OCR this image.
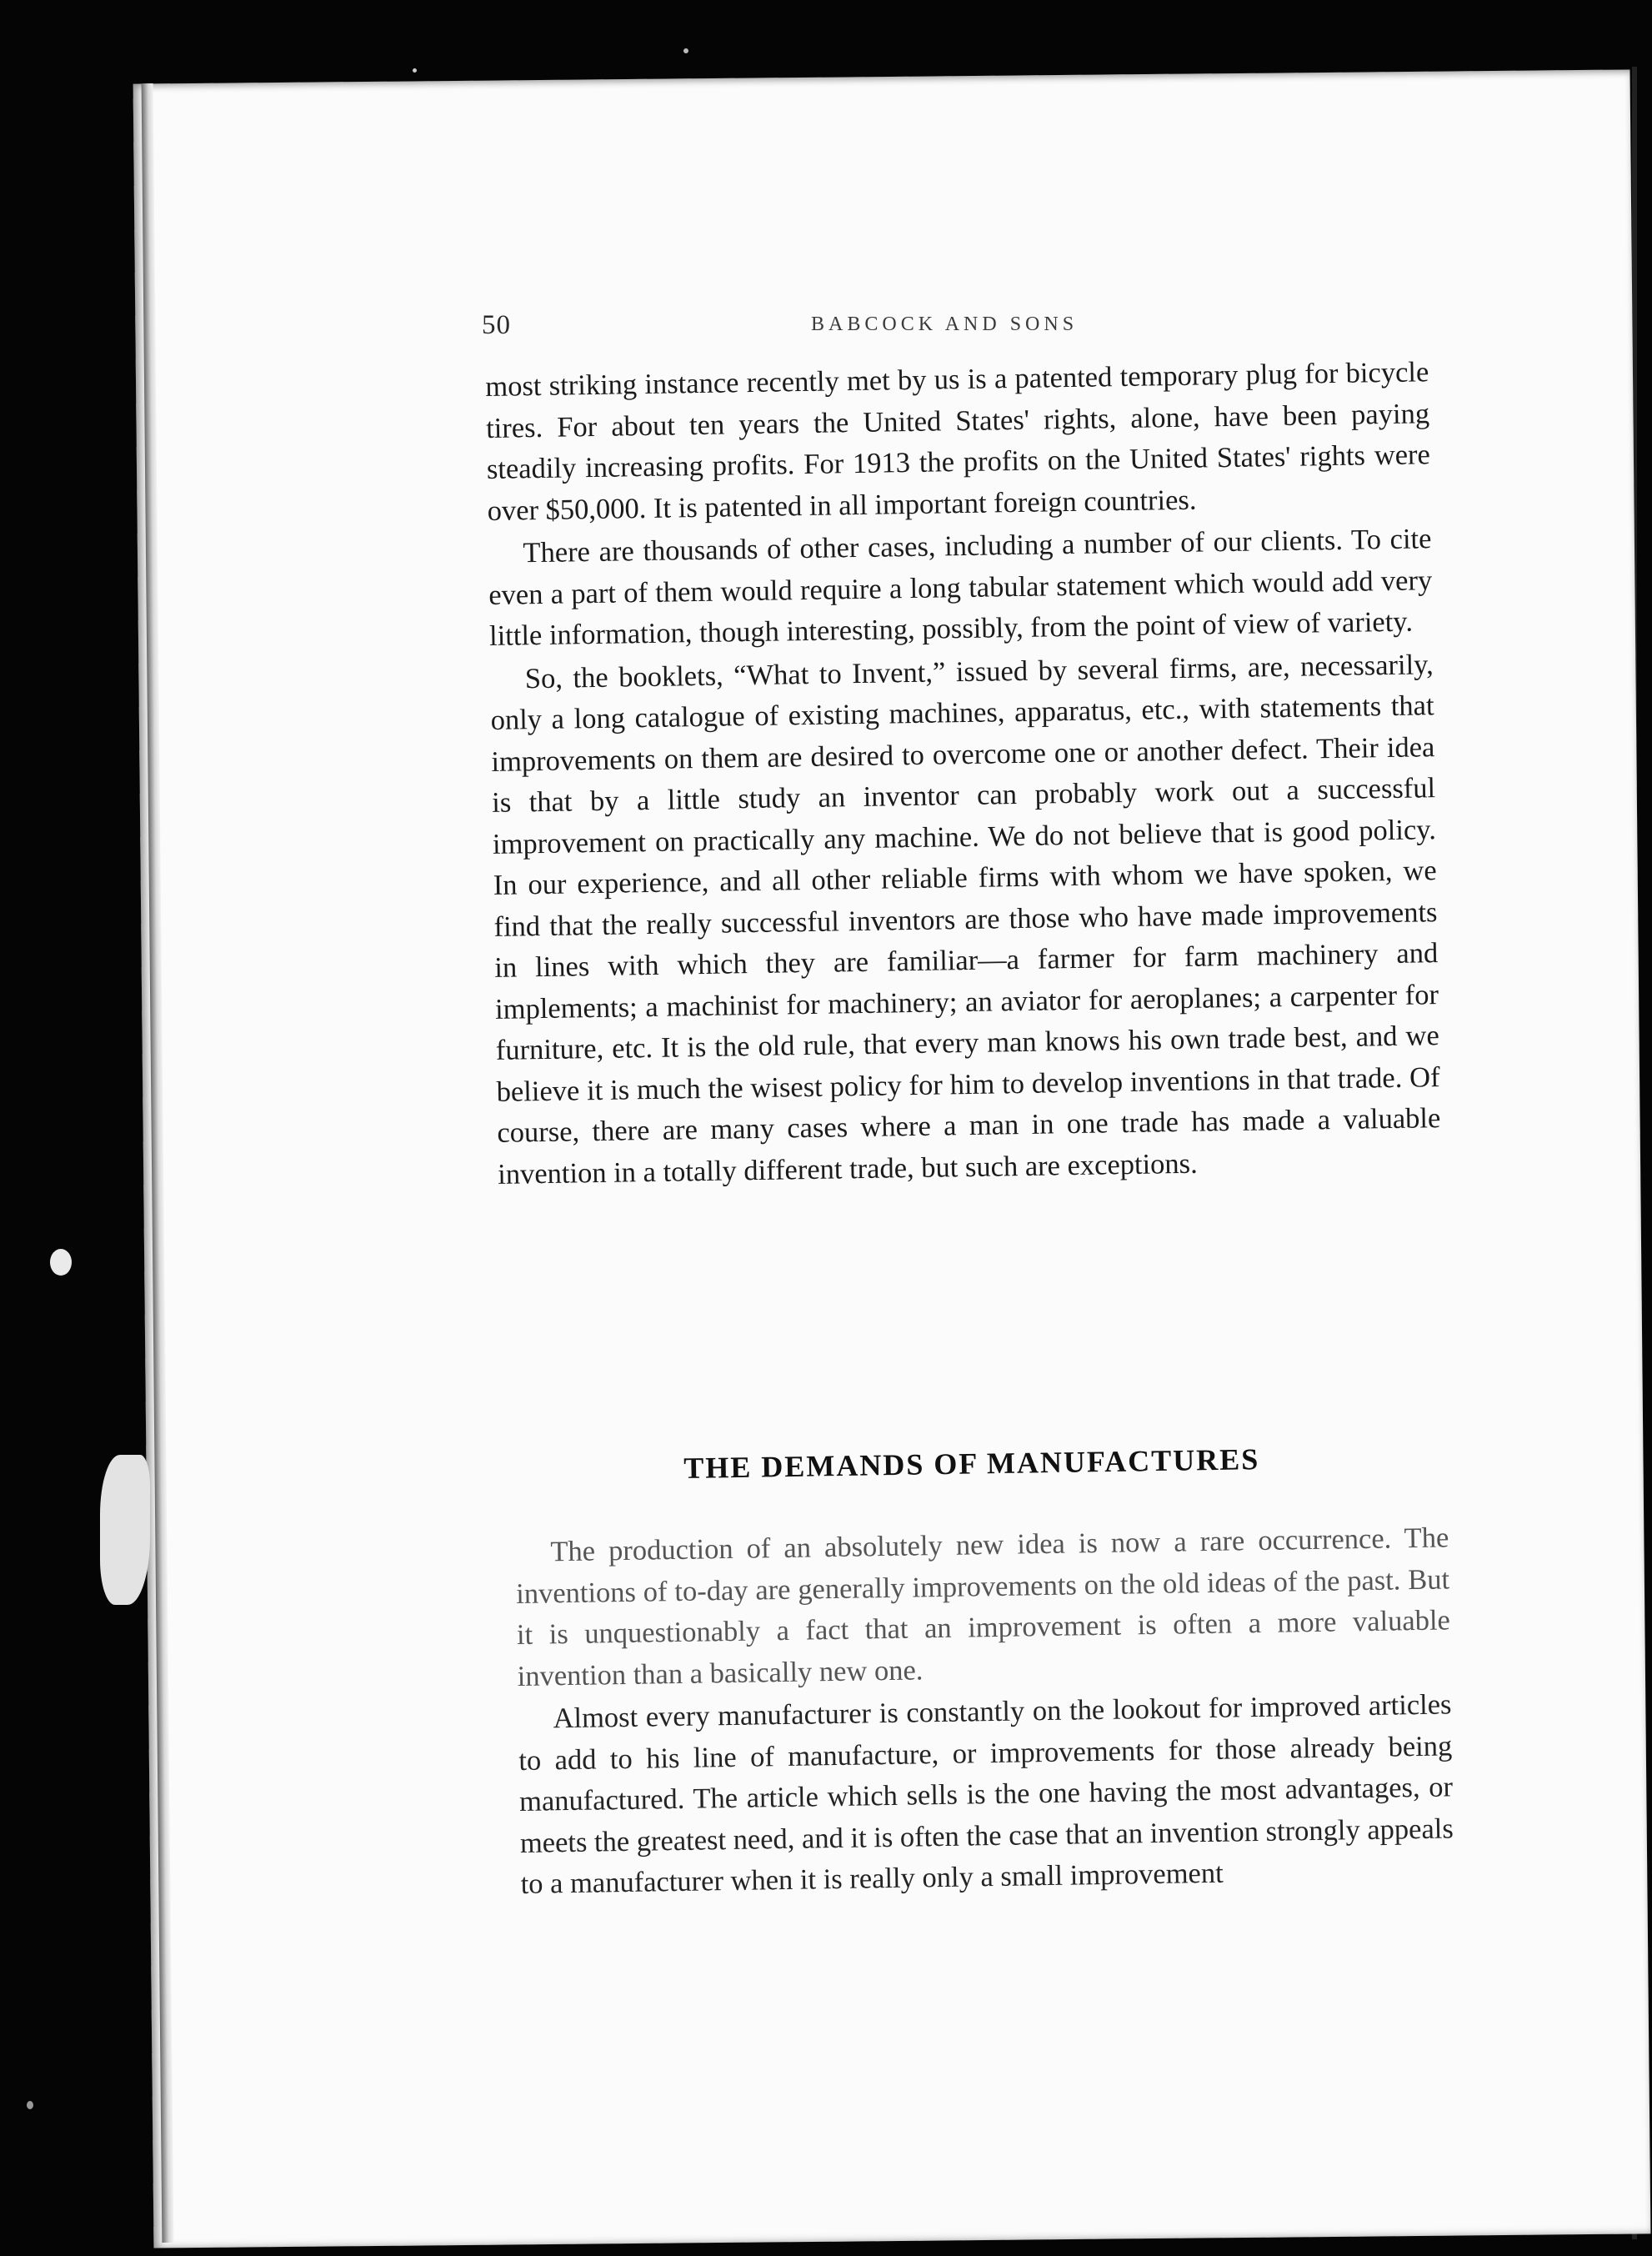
50	BABCOCK AND SONS

most striking instance recently met by us is a patented temporary plug for bicycle tires. For about ten years the United States' rights, alone, have been paying steadily increasing profits. For 1913 the profits on the United States' rights were over $50,000. It is patented in all important foreign countries.

There are thousands of other cases, including a number of our clients. To cite even a part of them would require a long tabular statement which would add very little information, though interesting, possibly, from the point of view of variety.

So, the booklets, “What to Invent,” issued by several firms, are, necessarily, only a long catalogue of existing machines, apparatus, etc., with statements that improvements on them are desired to overcome one or another defect. Their idea is that by a little study an inventor can probably work out a successful improvement on practically any machine. We do not believe that is good policy. In our experience, and all other reliable firms with whom we have spoken, we find that the really successful inventors are those who have made improvements in lines with which they are familiar—a farmer for farm machinery and implements; a machinist for machinery; an aviator for aeroplanes; a carpenter for furniture, etc. It is the old rule, that every man knows his own trade best, and we believe it is much the wisest policy for him to develop inventions in that trade. Of course, there are many cases where a man in one trade has made a valuable invention in a totally different trade, but such are exceptions.

THE DEMANDS OF MANUFACTURES

The production of an absolutely new idea is now a rare occurrence. The inventions of to-day are generally improvements on the old ideas of the past. But it is unquestionably a fact that an improvement is often a more valuable invention than a basically new one.

Almost every manufacturer is constantly on the lookout for improved articles to add to his line of manufacture, or improvements for those already being manufactured. The article which sells is the one having the most advantages, or meets the greatest need, and it is often the case that an invention strongly appeals to a manufacturer when it is really only a small improvement
